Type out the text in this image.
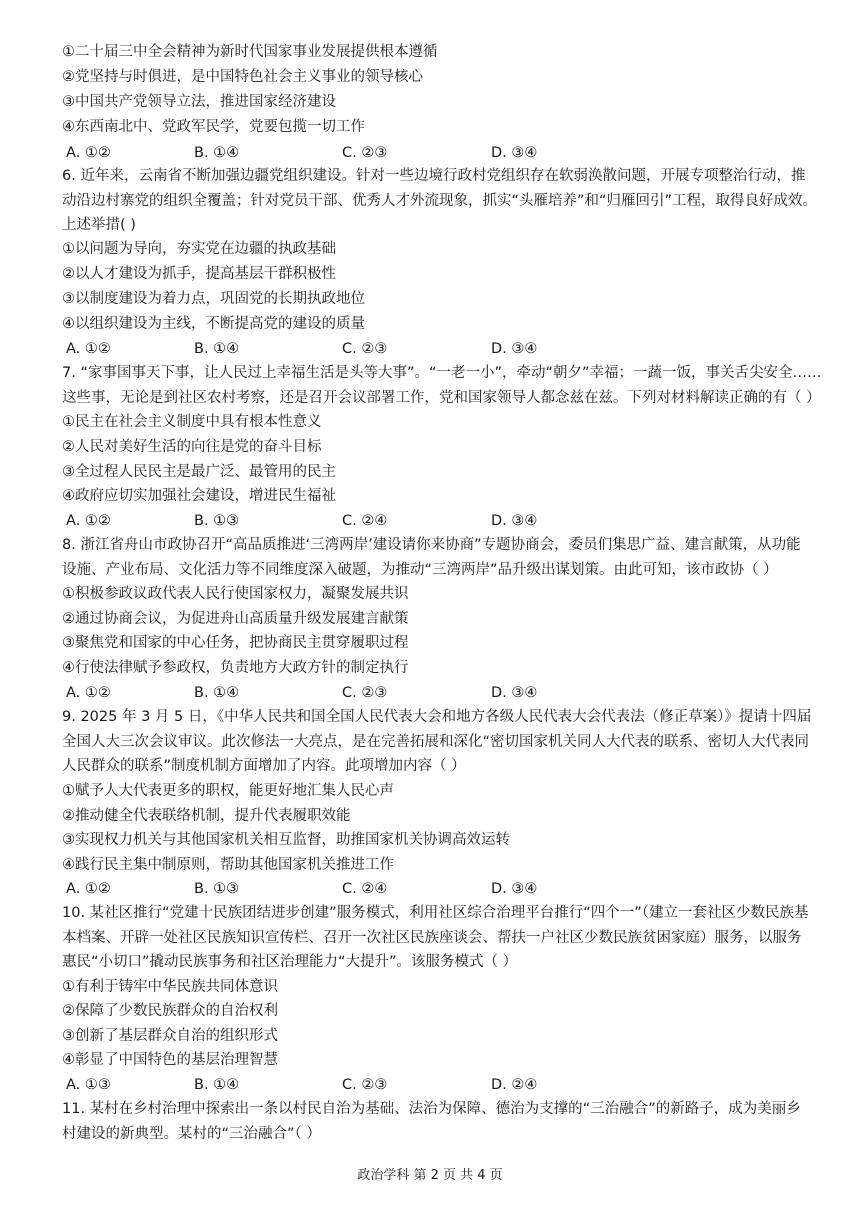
①二十届三中全会精神为新时代国家事业发展提供根本遵循
②党坚持与时俱进，是中国特色社会主义事业的领导核心
③中国共产党领导立法，推进国家经济建设
④东西南北中、党政军民学，党要包揽一切工作
A. ①②	B. ①④	C. ②③	D. ③④
6. 近年来，云南省不断加强边疆党组织建设。针对一些边境行政村党组织存在软弱涣散问题，开展专项整治行动，推
动沿边村寨党的组织全覆盖；针对党员干部、优秀人才外流现象，抓实“头雁培养”和“归雁回引”工程，取得良好成效。
上述举措( )
①以问题为导向，夯实党在边疆的执政基础
②以人才建设为抓手，提高基层干群积极性
③以制度建设为着力点，巩固党的长期执政地位
④以组织建设为主线，不断提高党的建设的质量
A. ①②	B. ①④	C. ②③	D. ③④
7. “家事国事天下事，让人民过上幸福生活是头等大事”。“一老一小”，牵动“朝夕”幸福；一蔬一饭，事关舌尖安全……
这些事，无论是到社区农村考察，还是召开会议部署工作，党和国家领导人都念兹在兹。下列对材料解读正确的有（ ）
①民主在社会主义制度中具有根本性意义
②人民对美好生活的向往是党的奋斗目标
③全过程人民民主是最广泛、最管用的民主
④政府应切实加强社会建设，增进民生福祉
A. ①②	B. ①③	C. ②④	D. ③④
8. 浙江省舟山市政协召开“高品质推进‘三湾两岸’建设请你来协商”专题协商会，委员们集思广益、建言献策，从功能
设施、产业布局、文化活力等不同维度深入破题，为推动“三湾两岸”品升级出谋划策。由此可知，该市政协（ ）
①积极参政议政代表人民行使国家权力，凝聚发展共识
②通过协商会议，为促进舟山高质量升级发展建言献策
③聚焦党和国家的中心任务，把协商民主贯穿履职过程
④行使法律赋予参政权，负责地方大政方针的制定执行
A. ①②	B. ①④	C. ②③	D. ③④
9. 2025 年 3 月 5 日，《中华人民共和国全国人民代表大会和地方各级人民代表大会代表法（修正草案）》提请十四届
全国人大三次会议审议。此次修法一大亮点，是在完善拓展和深化“密切国家机关同人大代表的联系、密切人大代表同
人民群众的联系”制度机制方面增加了内容。此项增加内容（ ）
①赋予人大代表更多的职权，能更好地汇集人民心声
②推动健全代表联络机制，提升代表履职效能
③实现权力机关与其他国家机关相互监督，助推国家机关协调高效运转
④践行民主集中制原则，帮助其他国家机关推进工作
A. ①②	B. ①③	C. ②④	D. ③④
10. 某社区推行“党建十民族团结进步创建”服务模式，利用社区综合治理平台推行“四个一”（建立一套社区少数民族基
本档案、开辟一处社区民族知识宣传栏、召开一次社区民族座谈会、帮扶一户社区少数民族贫困家庭）服务，以服务
惠民“小切口”撬动民族事务和社区治理能力“大提升”。该服务模式（ ）
①有利于铸牢中华民族共同体意识
②保障了少数民族群众的自治权利
③创新了基层群众自治的组织形式
④彰显了中国特色的基层治理智慧
A. ①③	B. ①④	C. ②③	D. ②④
11. 某村在乡村治理中探索出一条以村民自治为基础、法治为保障、德治为支撑的“三治融合”的新路子，成为美丽乡
村建设的新典型。某村的“三治融合”（ ）
政治学科 第 2 页 共 4 页
